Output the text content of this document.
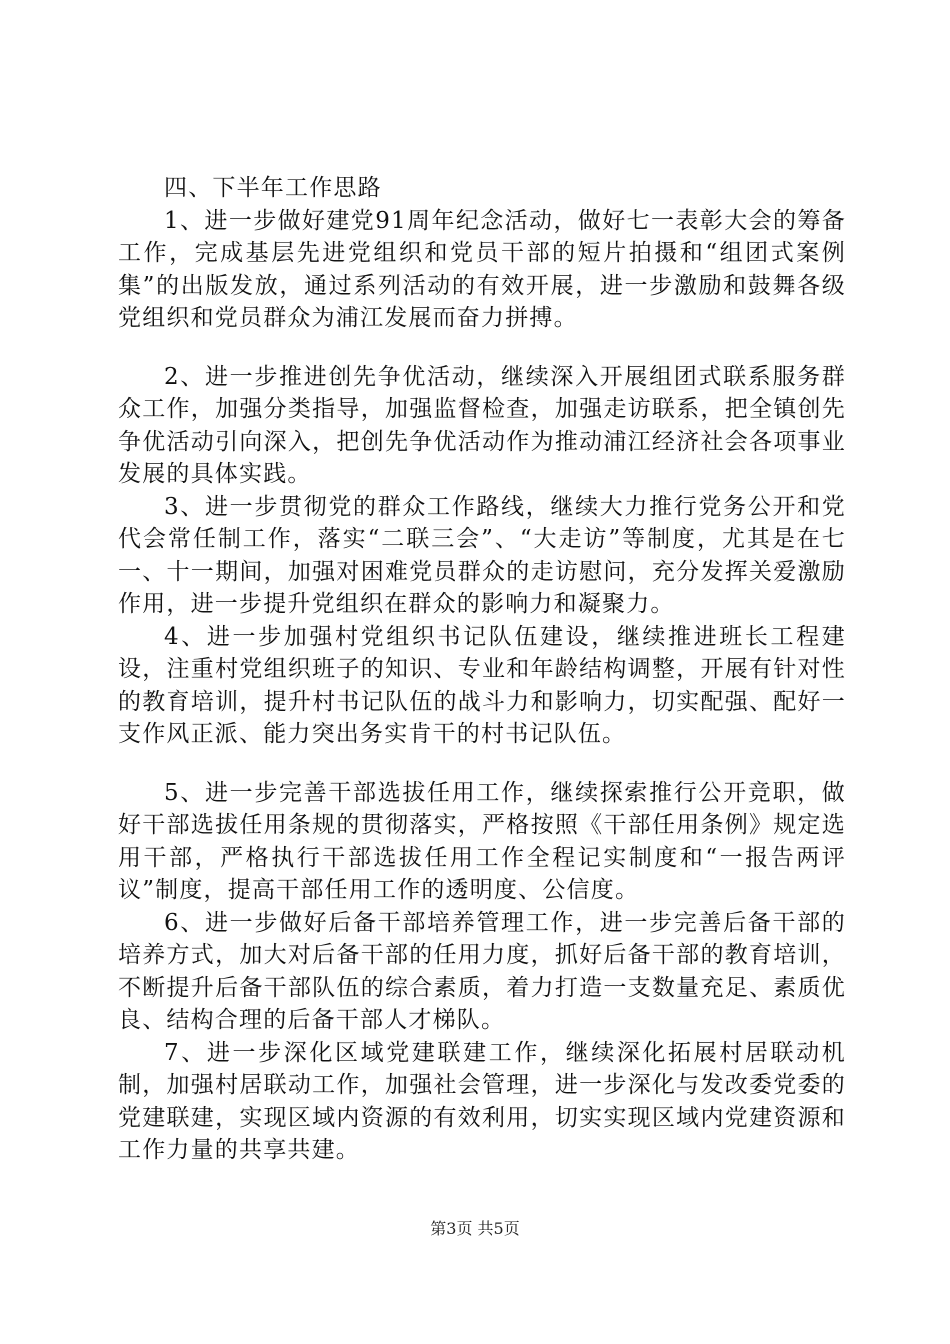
四、下半年工作思路

1、进一步做好建党91周年纪念活动，做好七一表彰大会的筹备工作，完成基层先进党组织和党员干部的短片拍摄和“组团式案例集”的出版发放，通过系列活动的有效开展，进一步激励和鼓舞各级党组织和党员群众为浦江发展而奋力拼搏。

2、进一步推进创先争优活动，继续深入开展组团式联系服务群众工作，加强分类指导，加强监督检查，加强走访联系，把全镇创先争优活动引向深入，把创先争优活动作为推动浦江经济社会各项事业发展的具体实践。

3、进一步贯彻党的群众工作路线，继续大力推行党务公开和党代会常任制工作，落实“二联三会”、“大走访”等制度，尤其是在七一、十一期间，加强对困难党员群众的走访慰问，充分发挥关爱激励作用，进一步提升党组织在群众的影响力和凝聚力。

4、进一步加强村党组织书记队伍建设，继续推进班长工程建设，注重村党组织班子的知识、专业和年龄结构调整，开展有针对性的教育培训，提升村书记队伍的战斗力和影响力，切实配强、配好一支作风正派、能力突出务实肯干的村书记队伍。

5、进一步完善干部选拔任用工作，继续探索推行公开竞职，做好干部选拔任用条规的贯彻落实，严格按照《干部任用条例》规定选用干部，严格执行干部选拔任用工作全程记实制度和“一报告两评议”制度，提高干部任用工作的透明度、公信度。

6、进一步做好后备干部培养管理工作，进一步完善后备干部的培养方式，加大对后备干部的任用力度，抓好后备干部的教育培训，不断提升后备干部队伍的综合素质，着力打造一支数量充足、素质优良、结构合理的后备干部人才梯队。

7、进一步深化区域党建联建工作，继续深化拓展村居联动机制，加强村居联动工作，加强社会管理，进一步深化与发改委党委的党建联建，实现区域内资源的有效利用，切实实现区域内党建资源和工作力量的共享共建。

第3页 共5页
